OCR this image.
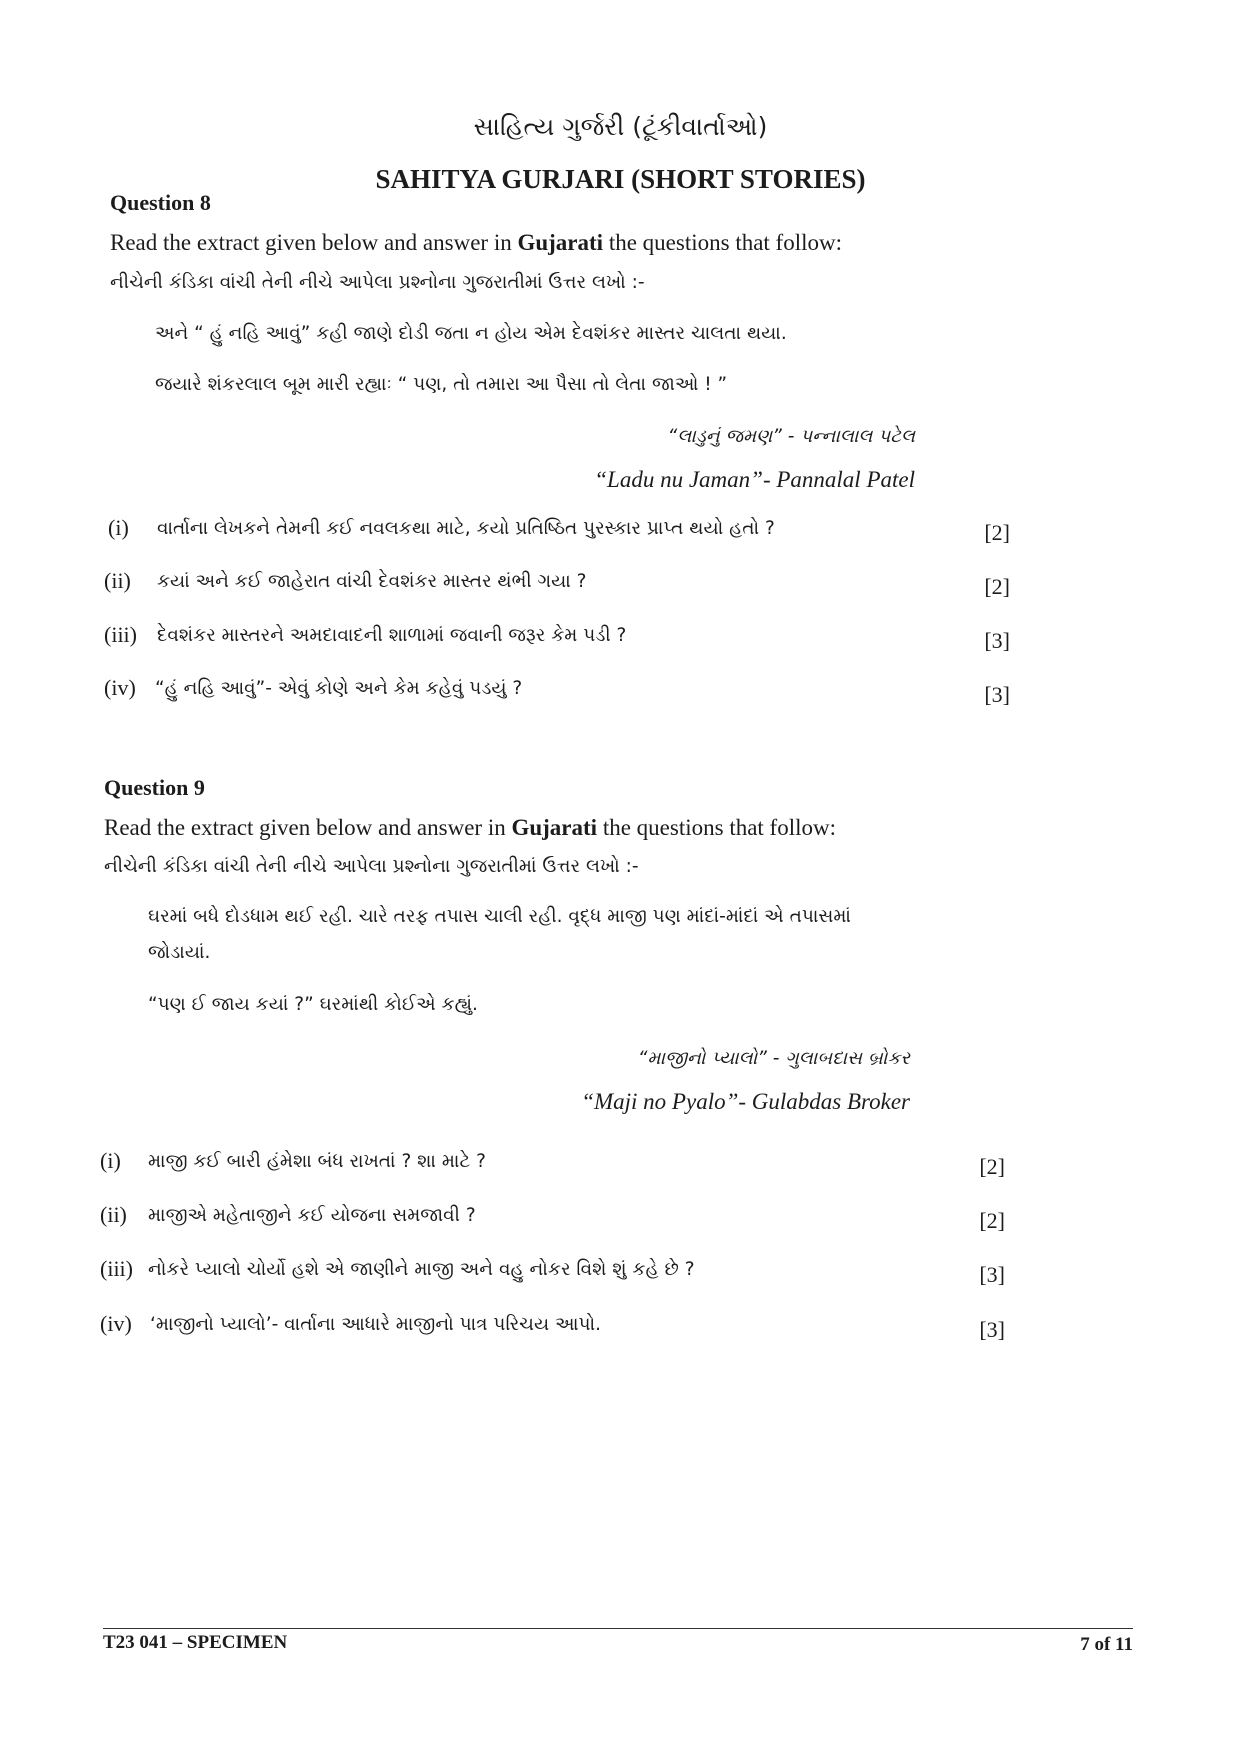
સાહિત્ય ગુર્જરી (ટૂંકીવાર્તાઓ)
SAHITYA GURJARI (SHORT STORIES)
Question 8
Read the extract given below and answer in Gujarati the questions that follow:
નીચેની કંડિકા વાંચી તેની નીચે આપેલા પ્રશ્નોના ગુજરાતીમાં ઉત્તર લખો :-
અને “ હું નહિ આવું” કહી જાણે દોડી જતા ન હોય એમ દેવશંકર માસ્તર ચાલતા થયા.
જયારે શંકરલાલ બૂમ મારી રહ્યાઃ “ પણ, તો તમારા આ પૈસા તો લેતા જાઓ ! ”
“લાડુનું જમણ” - પન્નાલાલ પટેલ
“Ladu nu Jaman”- Pannalal Patel
(i) વાર્તાના લેખકને તેમની કઈ નવલકથા માટે, કયો પ્રતિષ્ઠિત પુરસ્કાર પ્રાપ્ત થયો હતો ?	[2]
(ii) કયાં અને કઈ જાહેરાત વાંચી દેવશંકર માસ્તર થંભી ગયા ?	[2]
(iii) દેવશંકર માસ્તરને અમદાવાદની શાળામાં જવાની જરૂર કેમ પડી ?	[3]
(iv) “હું નહિ આવું”- એવું કોણે અને કેમ કહેવું પડયું ?	[3]
Question 9
Read the extract given below and answer in Gujarati the questions that follow:
નીચેની કંડિકા વાંચી તેની નીચે આપેલા પ્રશ્નોના ગુજરાતીમાં ઉત્તર લખો :-
ઘરમાં બધે દોડધામ થઈ રહી. ચારે તરફ તપાસ ચાલી રહી. વૃદ્ધ માજી પણ માંદાં-માંદાં એ તપાસમાં
જોડાયાં.
“પણ ઈ જાય કયાં ?” ઘરમાંથી કોઈએ કહ્યું.
“માજીનો પ્યાલો” - ગુલાબદાસ બ્રોકર
“Maji no Pyalo”- Gulabdas Broker
(i) માજી કઈ બારી હંમેશા બંધ રાખતાં ? શા માટે ?	[2]
(ii) માજીએ મહેતાજીને કઈ યોજના સમજાવી ?	[2]
(iii) નોકરે પ્યાલો ચોર્યો હશે એ જાણીને માજી અને વહુ નોકર વિશે શું કહે છે ?	[3]
(iv) ‘માજીનો પ્યાલો’- વાર્તાના આધારે માજીનો પાત્ર પરિચય આપો.	[3]
T23 041 – SPECIMEN	7 of 11
